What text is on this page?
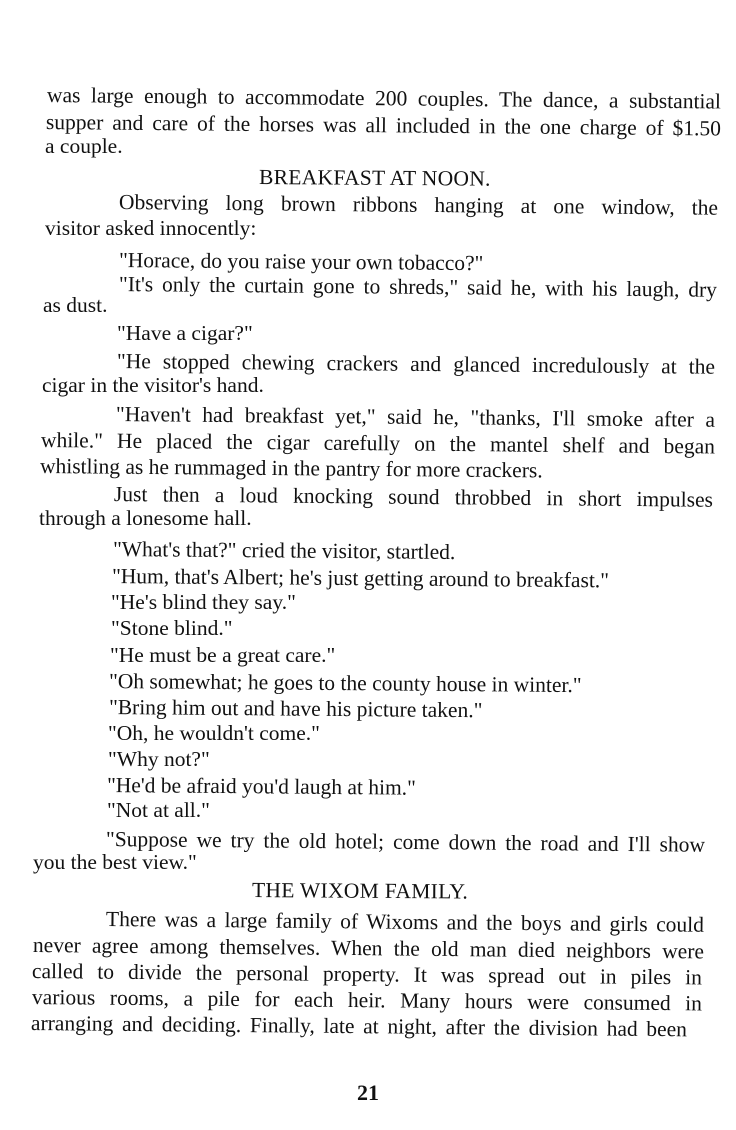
was large enough to accommodate 200 couples. The dance, a substantial
supper and care of the horses was all included in the one charge of $1.50
a couple.
BREAKFAST AT NOON.
Observing long brown ribbons hanging at one window, the
visitor asked innocently:
"Horace, do you raise your own tobacco?"
"It's only the curtain gone to shreds," said he, with his laugh, dry
as dust.
"Have a cigar?"
"He stopped chewing crackers and glanced incredulously at the
cigar in the visitor's hand.
"Haven't had breakfast yet," said he, "thanks, I'll smoke after a
while." He placed the cigar carefully on the mantel shelf and began
whistling as he rummaged in the pantry for more crackers.
Just then a loud knocking sound throbbed in short impulses
through a lonesome hall.
"What's that?" cried the visitor, startled.
"Hum, that's Albert; he's just getting around to breakfast."
"He's blind they say."
"Stone blind."
"He must be a great care."
"Oh somewhat; he goes to the county house in winter."
"Bring him out and have his picture taken."
"Oh, he wouldn't come."
"Why not?"
"He'd be afraid you'd laugh at him."
"Not at all."
"Suppose we try the old hotel; come down the road and I'll show
you the best view."
THE WIXOM FAMILY.
There was a large family of Wixoms and the boys and girls could
never agree among themselves. When the old man died neighbors were
called to divide the personal property. It was spread out in piles in
various rooms, a pile for each heir. Many hours were consumed in
arranging and deciding. Finally, late at night, after the division had been
21
